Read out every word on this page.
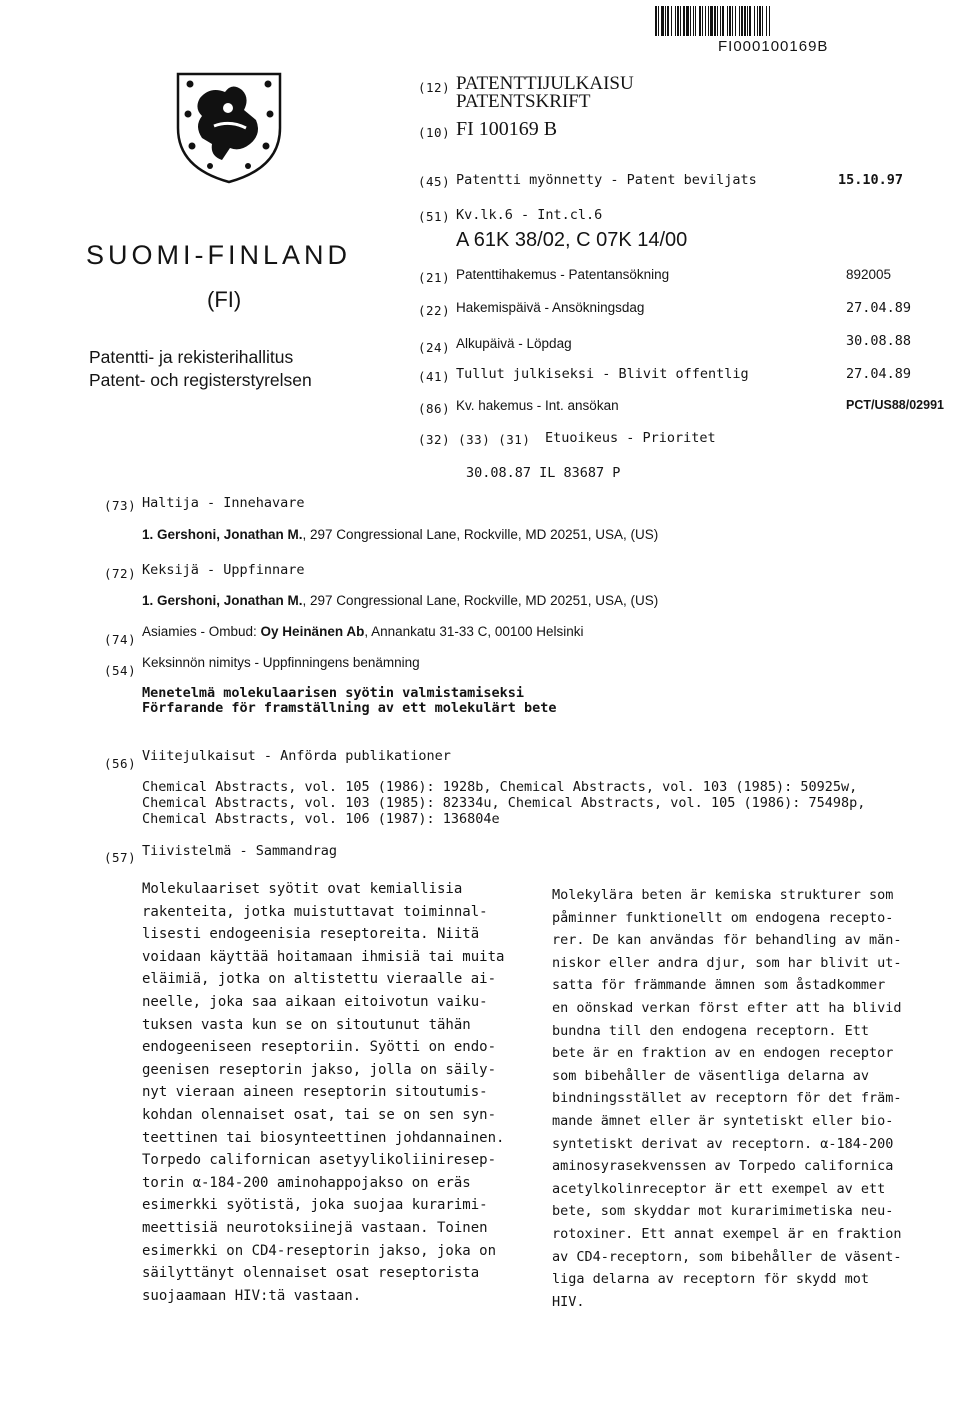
FI000100169B
SUOMI-FINLAND
(FI)
Patentti- ja rekisterihallitus
Patent- och registerstyrelsen
(12) PATENTTIJULKAISU
PATENTSKRIFT
(10) FI 100169 B
(45) Patentti myönnetty - Patent beviljats	15.10.97
(51) Kv.lk.6 - Int.cl.6
A 61K 38/02, C 07K 14/00
(21) Patenttihakemus - Patentansökning	892005
(22) Hakemispäivä - Ansökningsdag	27.04.89
(24) Alkupäivä - Löpdag	30.08.88
(41) Tullut julkiseksi - Blivit offentlig	27.04.89
(86) Kv. hakemus - Int. ansökan	PCT/US88/02991
(32) (33) (31) Etuoikeus - Prioritet
30.08.87 IL 83687 P
(73) Haltija - Innehavare
1. Gershoni, Jonathan M., 297 Congressional Lane, Rockville, MD 20251, USA, (US)
(72) Keksijä - Uppfinnare
1. Gershoni, Jonathan M., 297 Congressional Lane, Rockville, MD 20251, USA, (US)
(74)
Asiamies - Ombud: Oy Heinänen Ab, Annankatu 31-33 C, 00100 Helsinki
(54)
Keksinnön nimitys - Uppfinningens benämning
Menetelmä molekulaarisen syötin valmistamiseksi
Förfarande för framställning av ett molekulärt bete
(56) Viitejulkaisut - Anförda publikationer
Chemical Abstracts, vol. 105 (1986): 1928b, Chemical Abstracts, vol. 103 (1985): 50925w,
Chemical Abstracts, vol. 103 (1985): 82334u, Chemical Abstracts, vol. 105 (1986): 75498p,
Chemical Abstracts, vol. 106 (1987): 136804e
(57) Tiivistelmä - Sammandrag
Molekulaariset syötit ovat kemiallisia
rakenteita, jotka muistuttavat toiminnal-
lisesti endogeenisia reseptoreita. Niitä
voidaan käyttää hoitamaan ihmisiä tai muita
eläimiä, jotka on altistettu vieraalle ai-
neelle, joka saa aikaan eitoivotun vaiku-
tuksen vasta kun se on sitoutunut tähän
endogeeniseen reseptoriin. Syötti on endo-
geenisen reseptorin jakso, jolla on säily-
nyt vieraan aineen reseptorin sitoutumis-
kohdan olennaiset osat, tai se on sen syn-
teettinen tai biosynteettinen johdannainen.
Torpedo californican asetyylikoliinireseр-
torin α-184-200 aminohappojakso on eräs
esimerkki syötistä, joka suojaa kurarimi-
meettisiä neurotoksiinejä vastaan. Toinen
esimerkki on CD4-reseptorin jakso, joka on
säilyttänyt olennaiset osat reseptorista
suojaamaan HIV:tä vastaan.
Molekylära beten är kemiska strukturer som
påminner funktionellt om endogena recepto-
rer. De kan användas för behandling av män-
niskor eller andra djur, som har blivit ut-
satta för främmande ämnen som åstadkommer
en oönskad verkan först efter att ha blivid
bundna till den endogena receptorn. Ett
bete är en fraktion av en endogen receptor
som bibehåller de väsentliga delarna av
bindningsstället av receptorn för det främ-
mande ämnet eller är syntetiskt eller bio-
syntetiskt derivat av receptorn. α-184-200
aminosyrasekvenssen av Torpedo californica
acetylkolinreceptor är ett exempel av ett
bete, som skyddar mot kurarimimetiska neu-
rotoxiner. Ett annat exempel är en fraktion
av CD4-receptorn, som bibehåller de väsent-
liga delarna av receptorn för skydd mot
HIV.
